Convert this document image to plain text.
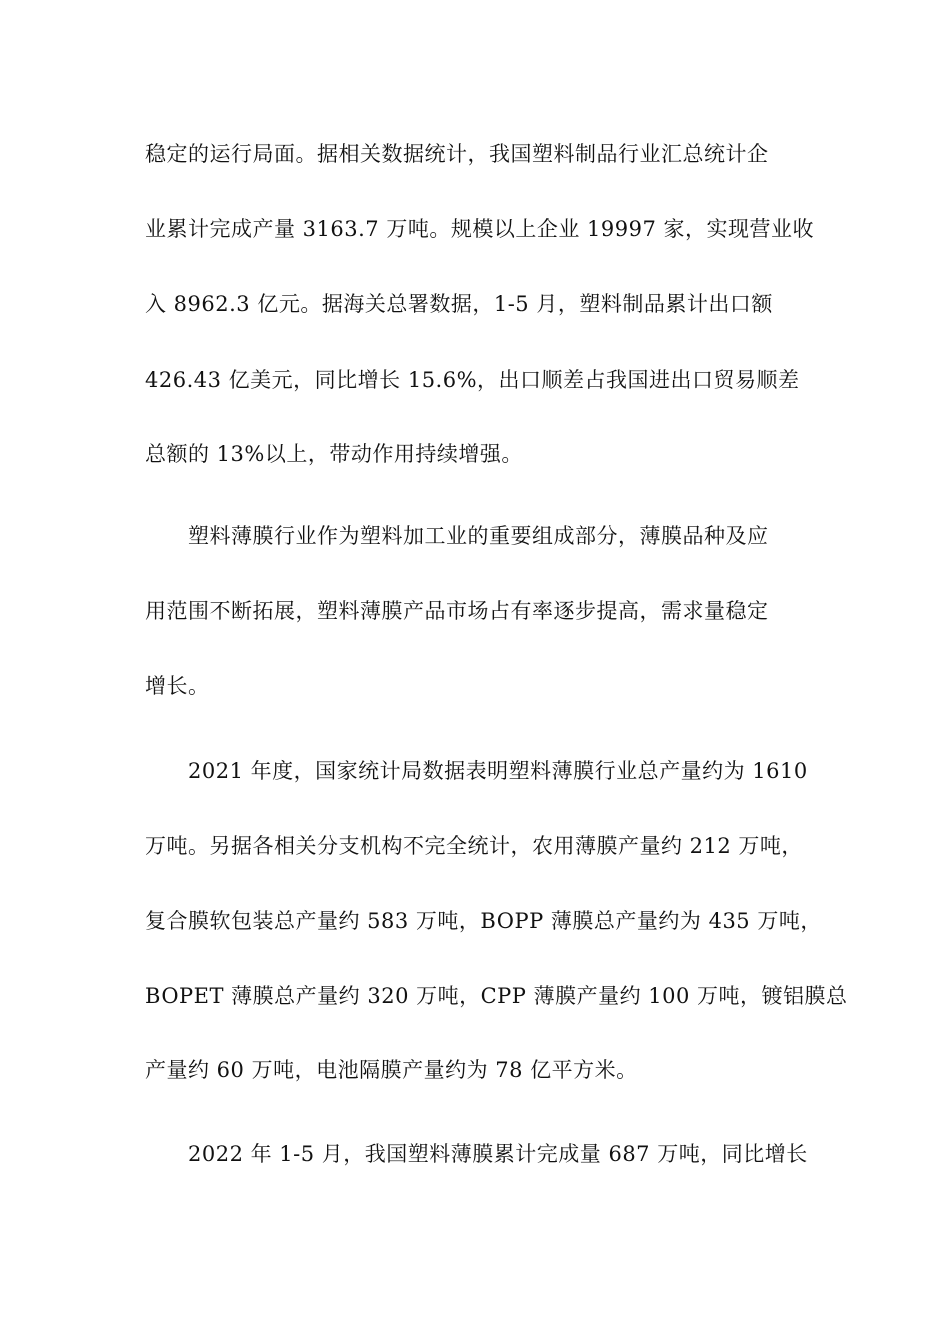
稳定的运行局面。据相关数据统计，我国塑料制品行业汇总统计企
业累计完成产量 3163.7 万吨。规模以上企业 19997 家，实现营业收
入 8962.3 亿元。据海关总署数据，1-5 月，塑料制品累计出口额
426.43 亿美元，同比增长 15.6%，出口顺差占我国进出口贸易顺差
总额的 13%以上，带动作用持续增强。
塑料薄膜行业作为塑料加工业的重要组成部分，薄膜品种及应
用范围不断拓展，塑料薄膜产品市场占有率逐步提高，需求量稳定
增长。
2021 年度，国家统计局数据表明塑料薄膜行业总产量约为 1610
万吨。另据各相关分支机构不完全统计，农用薄膜产量约 212 万吨，
复合膜软包装总产量约 583 万吨，BOPP 薄膜总产量约为 435 万吨，
BOPET 薄膜总产量约 320 万吨，CPP 薄膜产量约 100 万吨，镀铝膜总
产量约 60 万吨，电池隔膜产量约为 78 亿平方米。
2022 年 1-5 月，我国塑料薄膜累计完成量 687 万吨，同比增长
